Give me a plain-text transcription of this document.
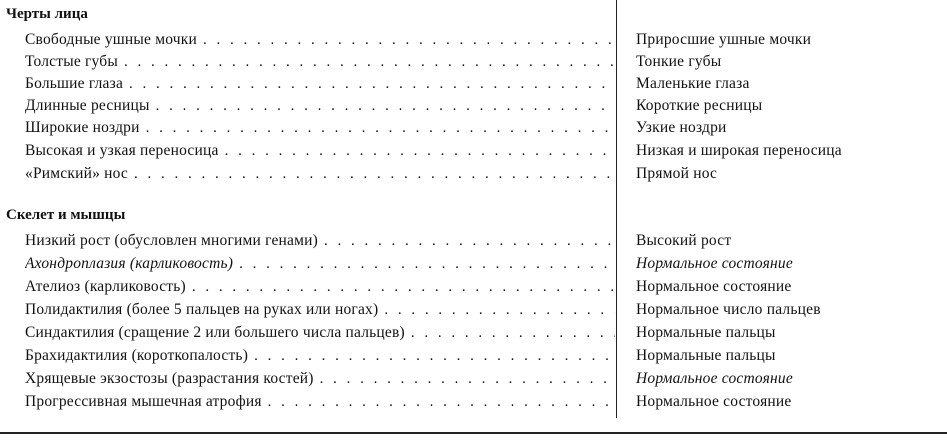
Черты лица
Свободные ушные мочки . . .	Приросшие ушные мочки
Толстые губы . . .	Тонкие губы
Большие глаза . . .	Маленькие глаза
Длинные ресницы . . .	Короткие ресницы
Широкие ноздри . . .	Узкие ноздри
Высокая и узкая переносица . . .	Низкая и широкая переносица
«Римский» нос . . .	Прямой нос
Скелет и мышцы
Низкий рост (обусловлен многими генами) . . .	Высокий рост
Ахондроплазия (карликовость) . . .	Нормальное состояние
Ателиоз (карликовость) . . .	Нормальное состояние
Полидактилия (более 5 пальцев на руках или ногах) . . .	Нормальное число пальцев
Синдактилия (сращение 2 или большего числа пальцев) . . .	Нормальные пальцы
Брахидактилия (короткопалость) . . .	Нормальные пальцы
Хрящевые экзостозы (разрастания костей) . . .	Нормальное состояние
Прогрессивная мышечная атрофия . . .	Нормальное состояние
